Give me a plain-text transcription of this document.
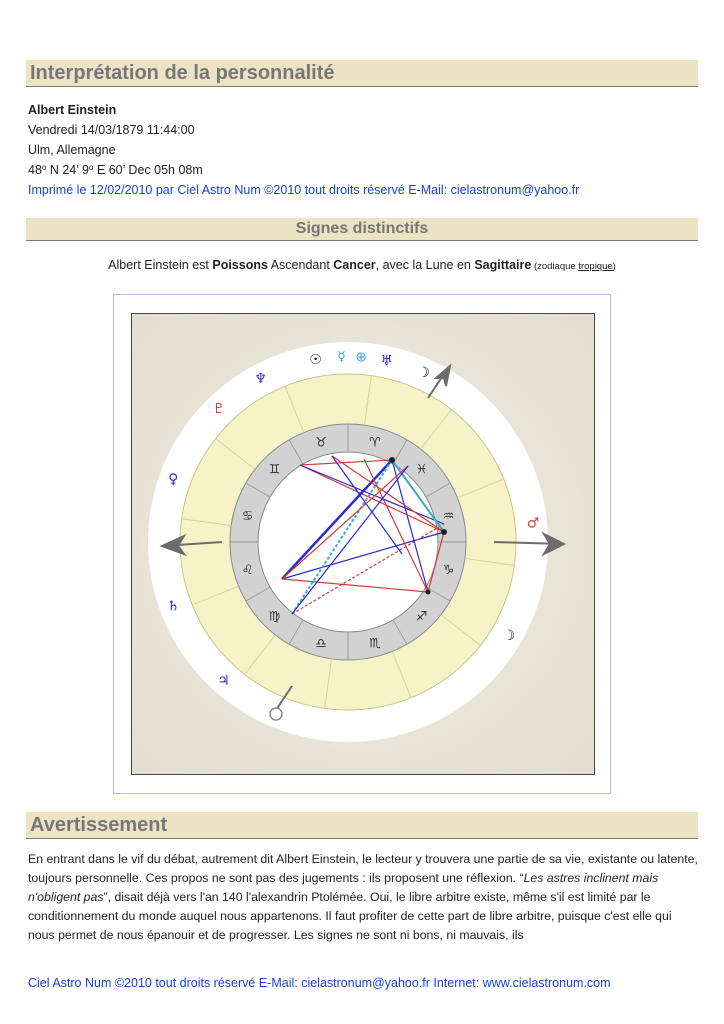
Interprétation de la personnalité
Albert Einstein
Vendredi 14/03/1879 11:44:00
Ulm, Allemagne
48$^o$ N 24’ 9$^o$ E 60’ Dec 05h 08m
Imprimé le 12/02/2010 par Ciel Astro Num ©2010 tout droits réservé E-Mail: cielastronum@yahoo.fr
Signes distinctifs
Albert Einstein est Poissons Ascendant Cancer, avec la Lune en Sagittaire (zodiaque tropique)
♉	♈
♓
♒
♑
♐
♏
♎
♍
♌
♋
♊
♆
☉ ☿ ⊕ ♅
☽
♂
☽
♀
♄
♃
♇
Avertissement
En entrant dans le vif du débat, autrement dit Albert Einstein, le lecteur y trouvera une partie de sa vie, existante ou latente, toujours personnelle. Ces propos ne sont pas des jugements : ils proposent une réflexion. “Les astres inclinent mais n'obligent pas”, disait déjà vers l'an 140 l'alexandrin Ptolémée. Oui, le libre arbitre existe, même s'il est limité par le conditionnement du monde auquel nous appartenons. Il faut profiter de cette part de libre arbitre, puisque c'est elle qui nous permet de nous épanouir et de progresser. Les signes ne sont ni bons, ni mauvais, ils
Ciel Astro Num ©2010 tout droits réservé E-Mail: cielastronum@yahoo.fr Internet: www.cielastronum.com
